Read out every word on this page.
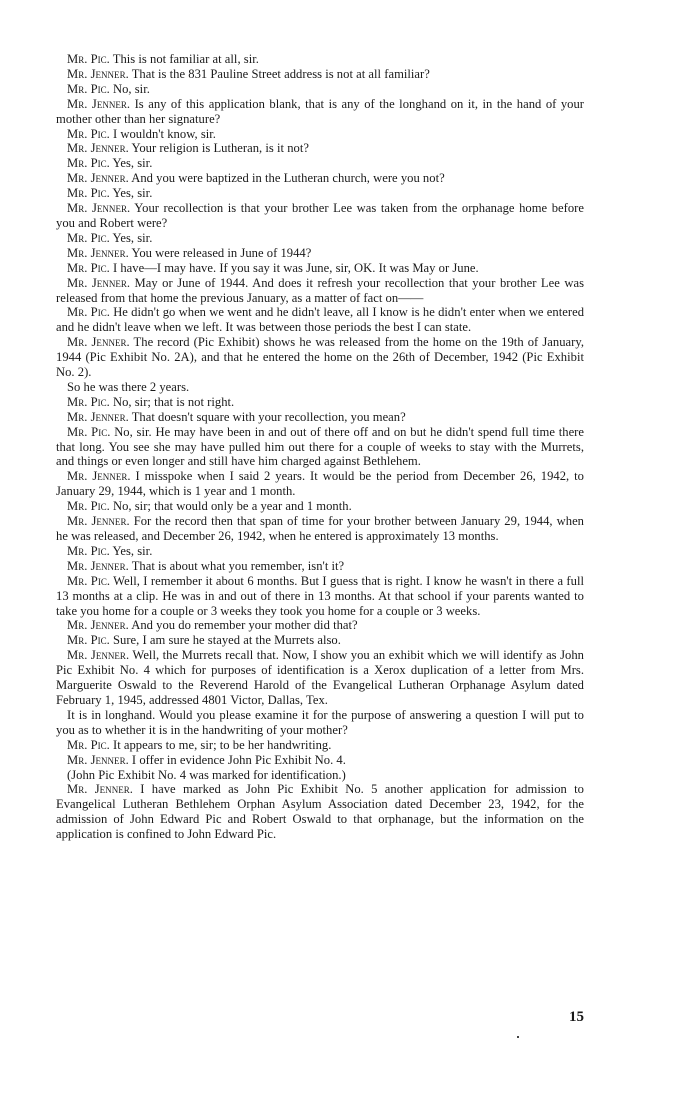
Mr. Pic. This is not familiar at all, sir.

Mr. Jenner. That is the 831 Pauline Street address is not at all familiar?

Mr. Pic. No, sir.

Mr. Jenner. Is any of this application blank, that is any of the longhand on it, in the hand of your mother other than her signature?

Mr. Pic. I wouldn't know, sir.

Mr. Jenner. Your religion is Lutheran, is it not?

Mr. Pic. Yes, sir.

Mr. Jenner. And you were baptized in the Lutheran church, were you not?

Mr. Pic. Yes, sir.

Mr. Jenner. Your recollection is that your brother Lee was taken from the orphanage home before you and Robert were?

Mr. Pic. Yes, sir.

Mr. Jenner. You were released in June of 1944?

Mr. Pic. I have—I may have. If you say it was June, sir, OK. It was May or June.

Mr. Jenner. May or June of 1944. And does it refresh your recollection that your brother Lee was released from that home the previous January, as a matter of fact on——

Mr. Pic. He didn't go when we went and he didn't leave, all I know is he didn't enter when we entered and he didn't leave when we left. It was between those periods the best I can state.

Mr. Jenner. The record (Pic Exhibit) shows he was released from the home on the 19th of January, 1944 (Pic Exhibit No. 2A), and that he entered the home on the 26th of December, 1942 (Pic Exhibit No. 2).

So he was there 2 years.

Mr. Pic. No, sir; that is not right.

Mr. Jenner. That doesn't square with your recollection, you mean?

Mr. Pic. No, sir. He may have been in and out of there off and on but he didn't spend full time there that long. You see she may have pulled him out there for a couple of weeks to stay with the Murrets, and things or even longer and still have him charged against Bethlehem.

Mr. Jenner. I misspoke when I said 2 years. It would be the period from December 26, 1942, to January 29, 1944, which is 1 year and 1 month.

Mr. Pic. No, sir; that would only be a year and 1 month.

Mr. Jenner. For the record then that span of time for your brother between January 29, 1944, when he was released, and December 26, 1942, when he entered is approximately 13 months.

Mr. Pic. Yes, sir.

Mr. Jenner. That is about what you remember, isn't it?

Mr. Pic. Well, I remember it about 6 months. But I guess that is right. I know he wasn't in there a full 13 months at a clip. He was in and out of there in 13 months. At that school if your parents wanted to take you home for a couple or 3 weeks they took you home for a couple or 3 weeks.

Mr. Jenner. And you do remember your mother did that?

Mr. Pic. Sure, I am sure he stayed at the Murrets also.

Mr. Jenner. Well, the Murrets recall that. Now, I show you an exhibit which we will identify as John Pic Exhibit No. 4 which for purposes of identification is a Xerox duplication of a letter from Mrs. Marguerite Oswald to the Reverend Harold of the Evangelical Lutheran Orphanage Asylum dated February 1, 1945, addressed 4801 Victor, Dallas, Tex.

It is in longhand. Would you please examine it for the purpose of answering a question I will put to you as to whether it is in the handwriting of your mother?

Mr. Pic. It appears to me, sir; to be her handwriting.

Mr. Jenner. I offer in evidence John Pic Exhibit No. 4.

(John Pic Exhibit No. 4 was marked for identification.)

Mr. Jenner. I have marked as John Pic Exhibit No. 5 another application for admission to Evangelical Lutheran Bethlehem Orphan Asylum Association dated December 23, 1942, for the admission of John Edward Pic and Robert Oswald to that orphanage, but the information on the application is confined to John Edward Pic.

15
